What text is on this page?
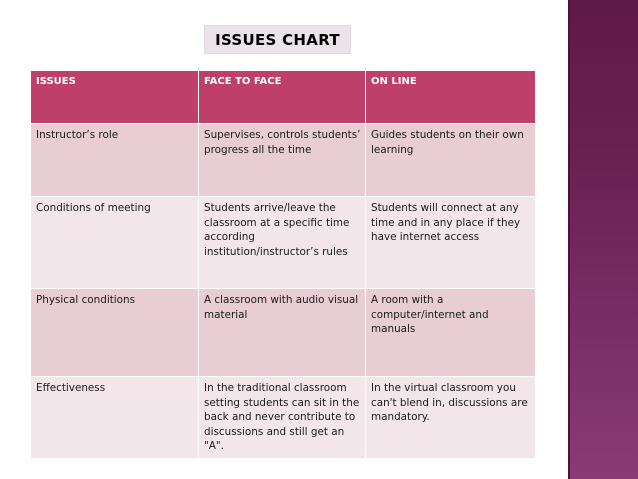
ISSUES CHART
ISSUES	FACE TO FACE	ON LINE
Instructor’s role	Supervises, controls students’ progress all the time	Guides students on their own learning
Conditions of meeting	Students arrive/leave the classroom at a specific time according institution/instructor’s rules	Students will connect at any time and in any place if they have internet access
Physical conditions	A classroom with audio visual material	A room with a computer/internet and manuals
Effectiveness	In the traditional classroom setting students can sit in the back and never contribute to discussions and still get an "A".	In the virtual classroom you can't blend in, discussions are mandatory.
